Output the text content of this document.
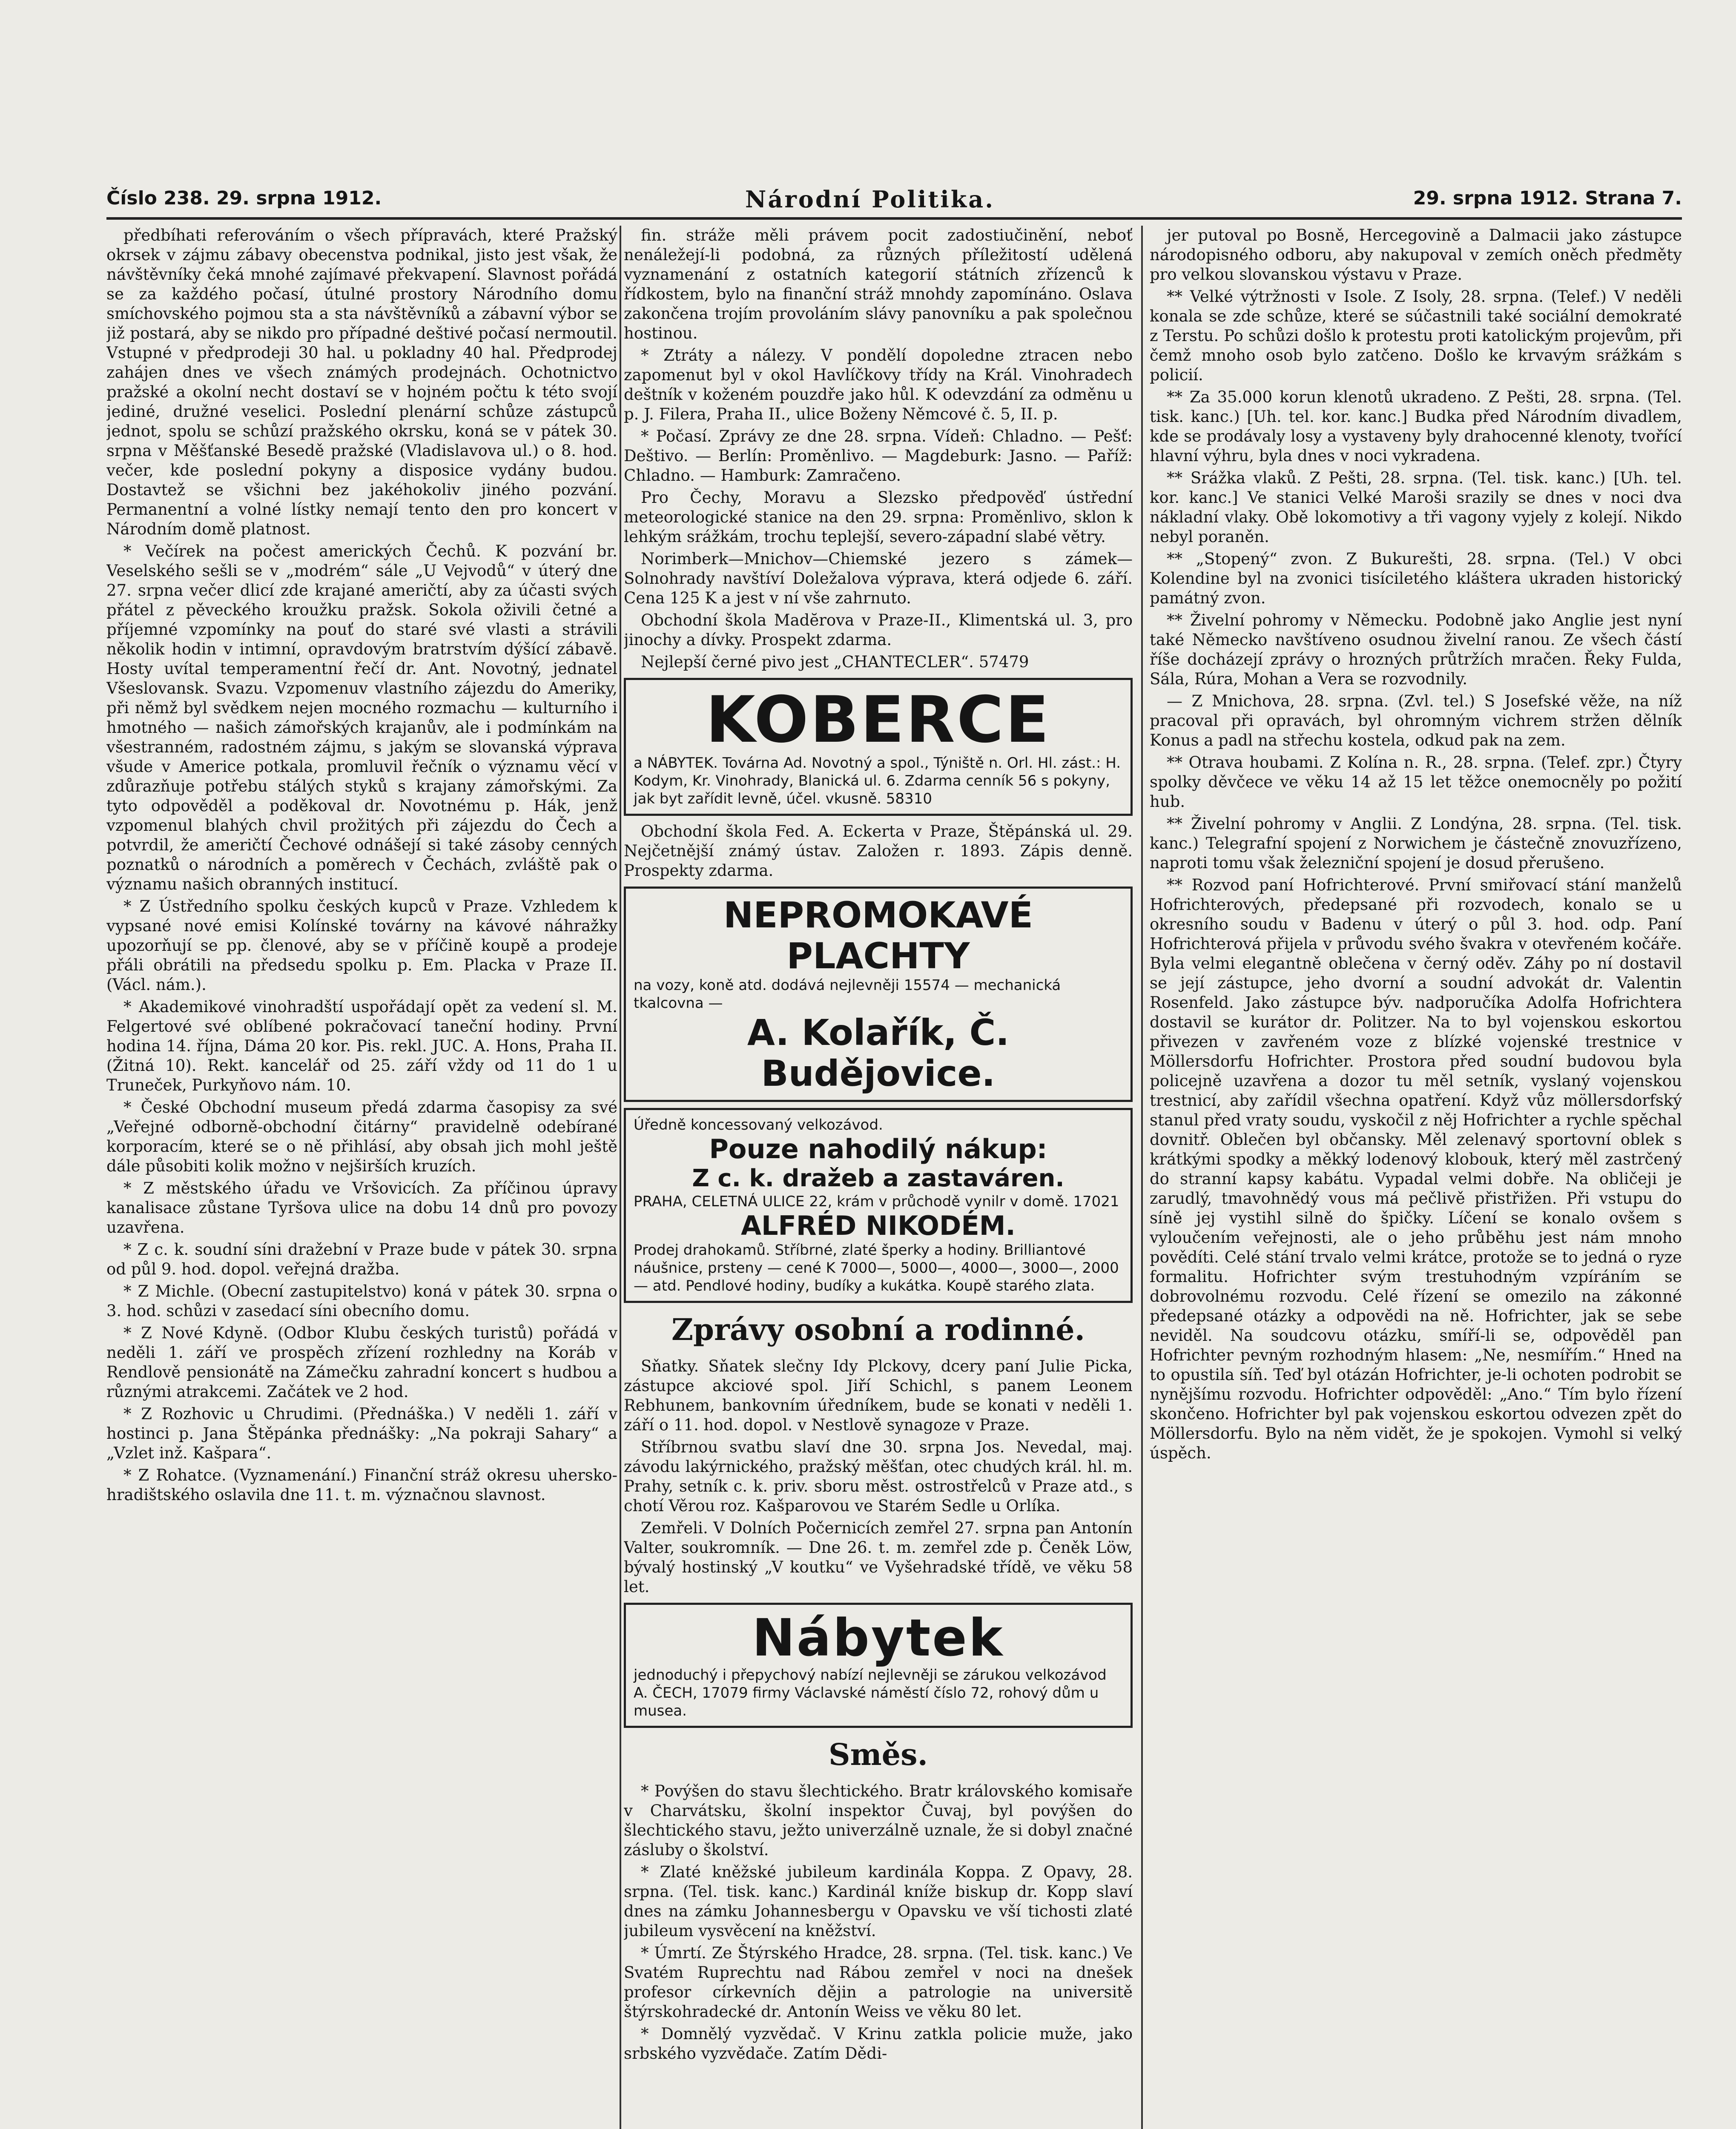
Číslo 238. 29. srpna 1912.	Národní Politika.	29. srpna 1912. Strana 7.

předbíhati referováním o všech přípravách, které Pražský okrsek v zájmu zábavy obecenstva podnikal, jisto jest však, že návštěvníky čeká mnohé zajímavé překvapení. Slavnost pořádá se za každého počasí, útulné prostory Národního domu smíchovského pojmou sta a sta návštěvníků a zábavní výbor se již postará, aby se nikdo pro případné deštivé počasí nermoutil. Vstupné v předprodeji 30 hal. u pokladny 40 hal. Předprodej zahájen dnes ve všech známých prodejnách. Ochotnictvo pražské a okolní necht dostaví se v hojném počtu k této svojí jediné, družné veselici. Poslední plenární schůze zástupců jednot, spolu se schůzí pražského okrsku, koná se v pátek 30. srpna v Měšťanské Besedě pražské (Vladislavova ul.) o 8. hod. večer, kde poslední pokyny a disposice vydány budou. Dostavtež se všichni bez jakéhokoliv jiného pozvání. Permanentní a volné lístky nemají tento den pro koncert v Národním domě platnost.

* Večírek na počest amerických Čechů. K pozvání br. Veselského sešli se v „modrém“ sále „U Vejvodů“ v úterý dne 27. srpna večer dlicí zde krajané američtí, aby za účasti svých přátel z pěveckého kroužku pražsk. Sokola oživili četné a příjemné vzpomínky na pouť do staré své vlasti a strávili několik hodin v intimní, opravdovým bratrstvím dýšící zábavě. Hosty uvítal temperamentní řečí dr. Ant. Novotný, jednatel Všeslovansk. Svazu. Vzpomenuv vlastního zájezdu do Ameriky, při němž byl svědkem nejen mocného rozmachu — kulturního i hmotného — našich zámořských krajanův, ale i podmínkám na všestranném, radostném zájmu, s jakým se slovanská výprava všude v Americe potkala, promluvil řečník o významu věcí v zdůrazňuje potřebu stálých styků s krajany zámořskými. Za tyto odpověděl a poděkoval dr. Novotnému p. Hák, jenž vzpomenul blahých chvil prožitých při zájezdu do Čech a potvrdil, že američtí Čechové odnášejí si také zásoby cenných poznatků o národních a poměrech v Čechách, zvláště pak o významu našich obranných institucí.

* Z Ústředního spolku českých kupců v Praze. Vzhledem k vypsané nové emisi Kolínské továrny na kávové náhražky upozorňují se pp. členové, aby se v příčině koupě a prodeje přáli obrátili na předsedu spolku p. Em. Placka v Praze II. (Václ. nám.).

* Akademikové vinohradští uspořádají opět za vedení sl. M. Felgertové své oblíbené pokračovací taneční hodiny. První hodina 14. října, Dáma 20 kor. Pis. rekl. JUC. A. Hons, Praha II. (Žitná 10). Rekt. kancelář od 25. září vždy od 11 do 1 u Truneček, Purkyňovo nám. 10.

* České Obchodní museum předá zdarma časopisy za své „Veřejné odborně-obchodní čitárny“ pravidelně odebírané korporacím, které se o ně přihlásí, aby obsah jich mohl ještě dále působiti kolik možno v nejširších kruzích.

* Z městského úřadu ve Vršovicích. Za příčinou úpravy kanalisace zůstane Tyršova ulice na dobu 14 dnů pro povozy uzavřena.

* Z c. k. soudní síni dražební v Praze bude v pátek 30. srpna od půl 9. hod. dopol. veřejná dražba.

* Z Michle. (Obecní zastupitelstvo) koná v pátek 30. srpna o 3. hod. schůzi v zasedací síni obecního domu.

* Z Nové Kdyně. (Odbor Klubu českých turistů) pořádá v neděli 1. září ve prospěch zřízení rozhledny na Koráb v Rendlově pensionátě na Zámečku zahradní koncert s hudbou a různými atrakcemi. Začátek ve 2 hod.

* Z Rozhovic u Chrudimi. (Přednáška.) V neděli 1. září v hostinci p. Jana Štěpánka přednášky: „Na pokraji Sahary“ a „Vzlet inž. Kašpara“.

* Z Rohatce. (Vyznamenání.) Finanční stráž okresu uhersko-hradištského oslavila dne 11. t. m. význačnou slavnost.

fin. stráže měli právem pocit zadostiučinění, neboť nenáležejí-li podobná, za různých příležitostí udělená vyznamenání z ostatních kategorií státních zřízenců k řídkostem, bylo na finanční stráž mnohdy zapomínáno. Oslava zakončena trojím provoláním slávy panovníku a pak společnou hostinou.

* Ztráty a nálezy. V pondělí dopoledne ztracen nebo zapomenut byl v okol Havlíčkovy třídy na Král. Vinohradech deštník v koženém pouzdře jako hůl. K odevzdání za odměnu u p. J. Filera, Praha II., ulice Boženy Němcové č. 5, II. p.

* Počasí. Zprávy ze dne 28. srpna. Vídeň: Chladno. — Pešť: Deštivo. — Berlín: Proměnlivo. — Magdeburk: Jasno. — Paříž: Chladno. — Hamburk: Zamračeno.

Pro Čechy, Moravu a Slezsko předpověď ústřední meteorologické stanice na den 29. srpna: Proměnlivo, sklon k lehkým srážkám, trochu teplejší, severo-západní slabé větry.

Norimberk—Mnichov—Chiemské jezero s zámek—Solnohrady navštíví Doležalova výprava, která odjede 6. září. Cena 125 K a jest v ní vše zahrnuto.

Obchodní škola Madĕrova v Praze-II., Klimentská ul. 3, pro jinochy a dívky. Prospekt zdarma.

Nejlepší černé pivo jest „CHANTECLER“. 57479

KOBERCE
a NÁBYTEK. Továrna Ad. Novotný a spol., Týniště n. Orl. Hl. zást.: H. Kodym, Kr. Vinohrady, Blanická ul. 6. Zdarma cenník 56 s pokyny, jak byt zařídit levně, účel. vkusně. 58310

Obchodní škola Fed. A. Eckerta v Praze, Štěpánská ul. 29. Nejčetnější známý ústav. Založen r. 1893. Zápis denně. Prospekty zdarma.

NEPROMOKAVÉ PLACHTY
na vozy, koně atd. dodává nejlevněji 15574 — mechanická tkalcovna —
A. Kolařík, Č. Budějovice.
Úředně koncessovaný velkozávod.
Pouze nahodilý nákup:
Z c. k. dražeb a zastaváren.
PRAHA, CELETNÁ ULICE 22, krám v průchodě vynilr v domě. 17021
ALFRÉD NIKODÉM.
Prodej drahokamů. Stříbrné, zlaté šperky a hodiny. Brilliantové náušnice, prsteny — cené K 7000—, 5000—, 4000—, 3000—, 2000— atd. Pendlové hodiny, budíky a kukátka. Koupě starého zlata.
Zprávy osobní a rodinné.

Sňatky. Sňatek slečny Idy Plckovy, dcery paní Julie Picka, zástupce akciové spol. Jiří Schichl, s panem Leonem Rebhunem, bankovním úředníkem, bude se konati v neděli 1. září o 11. hod. dopol. v Nestlově synagoze v Praze.

Stříbrnou svatbu slaví dne 30. srpna Jos. Nevedal, maj. závodu lakýrnického, pražský měšťan, otec chudých král. hl. m. Prahy, setník c. k. priv. sboru měst. ostrostřelců v Praze atd., s chotí Věrou roz. Kašparovou ve Starém Sedle u Orlíka.

Zemřeli. V Dolních Počernicích zemřel 27. srpna pan Antonín Valter, soukromník. — Dne 26. t. m. zemřel zde p. Čeněk Löw, bývalý hostinský „V koutku“ ve Vyšehradské třídě, ve věku 58 let.

Nábytek
jednoduchý i přepychový nabízí nejlevněji se zárukou velkozávod A. ČECH, 17079 firmy Václavské náměstí číslo 72, rohový dům u musea.
Směs.

* Povýšen do stavu šlechtického. Bratr královského komisaře v Charvátsku, školní inspektor Čuvaj, byl povýšen do šlechtického stavu, ježto univerzálně uznale, že si dobyl značné zásluby o školství.

* Zlaté kněžské jubileum kardinála Koppa. Z Opavy, 28. srpna. (Tel. tisk. kanc.) Kardinál kníže biskup dr. Kopp slaví dnes na zámku Johannesbergu v Opavsku ve vší tichosti zlaté jubileum vysvěcení na kněžství.

* Úmrtí. Ze Štýrského Hradce, 28. srpna. (Tel. tisk. kanc.) Ve Svatém Ruprechtu nad Rábou zemřel v noci na dnešek profesor církevních dějin a patrologie na universitě štýrskohradecké dr. Antonín Weiss ve věku 80 let.

* Domnělý vyzvědač. V Krinu zatkla policie muže, jako srbského vyzvědače. Zatím Dědi-

jer putoval po Bosně, Hercegovině a Dalmacii jako zástupce národopisného odboru, aby nakupoval v zemích oněch předměty pro velkou slovanskou výstavu v Praze.

** Velké výtržnosti v Isole. Z Isoly, 28. srpna. (Telef.) V neděli konala se zde schůze, které se súčastnili také sociální demokraté z Terstu. Po schůzi došlo k protestu proti katolickým projevům, při čemž mnoho osob bylo zatčeno. Došlo ke krvavým srážkám s policií.

** Za 35.000 korun klenotů ukradeno. Z Pešti, 28. srpna. (Tel. tisk. kanc.) [Uh. tel. kor. kanc.] Budka před Národním divadlem, kde se prodávaly losy a vystaveny byly drahocenné klenoty, tvořící hlavní výhru, byla dnes v noci vykradena.

** Srážka vlaků. Z Pešti, 28. srpna. (Tel. tisk. kanc.) [Uh. tel. kor. kanc.] Ve stanici Velké Maroši srazily se dnes v noci dva nákladní vlaky. Obě lokomotivy a tři vagony vyjely z kolejí. Nikdo nebyl poraněn.

** „Stopený“ zvon. Z Bukurešti, 28. srpna. (Tel.) V obci Kolendine byl na zvonici tisíciletého kláštera ukraden historický památný zvon.

** Živelní pohromy v Německu. Podobně jako Anglie jest nyní také Německo navštíveno osudnou živelní ranou. Ze všech částí říše docházejí zprávy o hrozných průtržích mračen. Řeky Fulda, Sála, Rúra, Mohan a Vera se rozvodnily.

— Z Mnichova, 28. srpna. (Zvl. tel.) S Josefské věže, na níž pracoval při opravách, byl ohromným vichrem stržen dělník Konus a padl na střechu kostela, odkud pak na zem.

** Otrava houbami. Z Kolína n. R., 28. srpna. (Telef. zpr.) Čtyry spolky děvčece ve věku 14 až 15 let těžce onemocněly po požití hub.

** Živelní pohromy v Anglii. Z Londýna, 28. srpna. (Tel. tisk. kanc.) Telegrafní spojení z Norwichem je částečně znovuzřízeno, naproti tomu však železniční spojení je dosud přerušeno.

** Rozvod paní Hofrichterové. První smiřovací stání manželů Hofrichterových, předepsané při rozvodech, konalo se u okresního soudu v Badenu v úterý o půl 3. hod. odp. Paní Hofrichterová přijela v průvodu svého švakra v otevřeném kočáře. Byla velmi elegantně oblečena v černý oděv. Záhy po ní dostavil se její zástupce, jeho dvorní a soudní advokát dr. Valentin Rosenfeld. Jako zástupce býv. nadporučíka Adolfa Hofrichtera dostavil se kurátor dr. Politzer. Na to byl vojenskou eskortou přivezen v zavřeném voze z blízké vojenské trestnice v Möllersdorfu Hofrichter. Prostora před soudní budovou byla policejně uzavřena a dozor tu měl setník, vyslaný vojenskou trestnicí, aby zařídil všechna opatření. Když vůz möllersdorfský stanul před vraty soudu, vyskočil z něj Hofrichter a rychle spěchal dovnitř. Oblečen byl občansky. Měl zelenavý sportovní oblek s krátkými spodky a měkký lodenový klobouk, který měl zastrčený do stranní kapsy kabátu. Vypadal velmi dobře. Na obličeji je zarudlý, tmavohnědý vous má pečlivě přistřižen. Při vstupu do síně jej vystihl silně do špičky. Líčení se konalo ovšem s vyloučením veřejnosti, ale o jeho průběhu jest nám mnoho povědíti. Celé stání trvalo velmi krátce, protože se to jedná o ryze formalitu. Hofrichter svým trestuhodným vzpíráním se dobrovolnému rozvodu. Celé řízení se omezilo na zákonné předepsané otázky a odpovědi na ně. Hofrichter, jak se sebe neviděl. Na soudcovu otázku, smíří-li se, odpověděl pan Hofrichter pevným rozhodným hlasem: „Ne, nesmířím.“ Hned na to opustila síň. Teď byl otázán Hofrichter, je-li ochoten podrobit se nynějšímu rozvodu. Hofrichter odpověděl: „Ano.“ Tím bylo řízení skončeno. Hofrichter byl pak vojenskou eskortou odvezen zpět do Möllersdorfu. Bylo na něm vidět, že je spokojen. Vymohl si velký úspěch.
